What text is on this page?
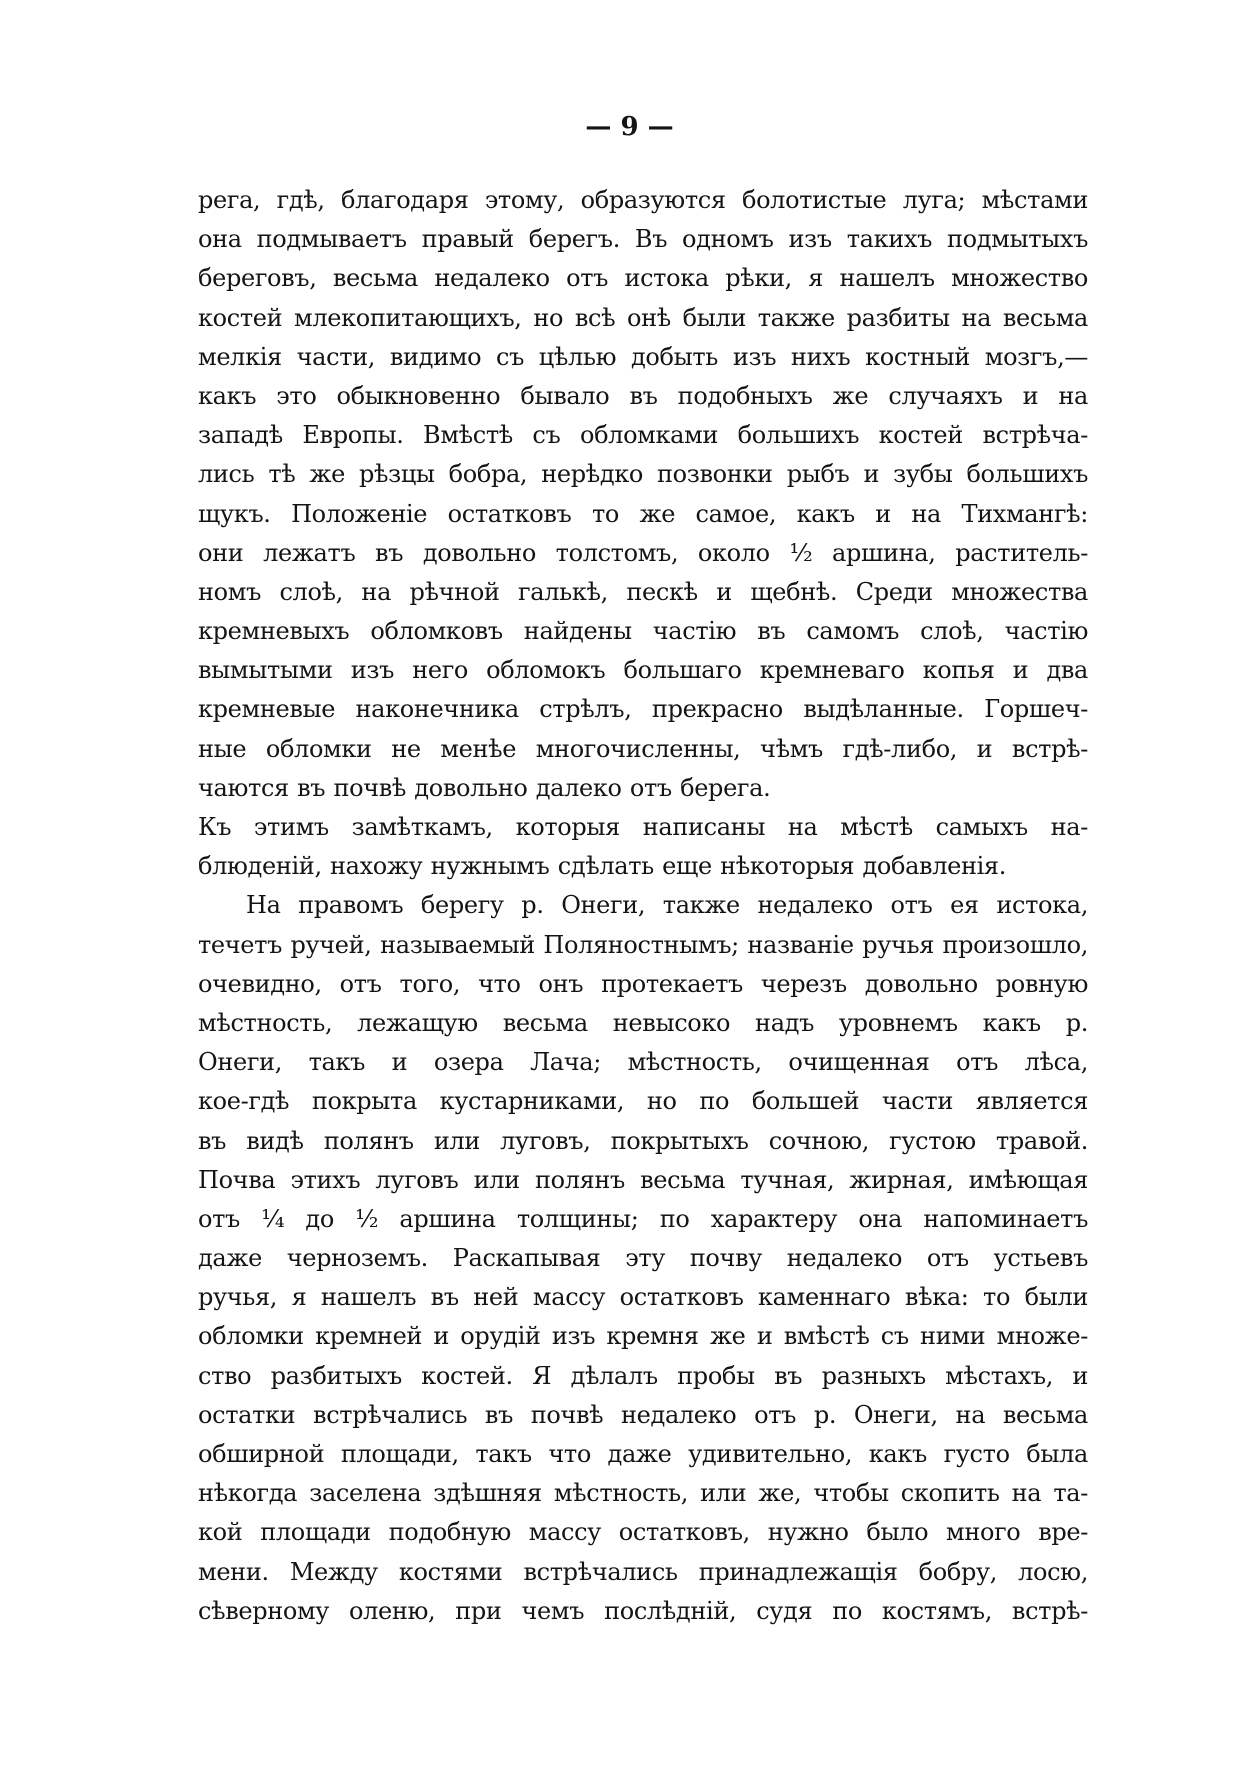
— 9 —
рега, гдѣ, благодаря этому, образуются болотистые луга; мѣстами
она подмываетъ правый берегъ. Въ одномъ изъ такихъ подмытыхъ
береговъ, весьма недалеко отъ истока рѣки, я нашелъ множество
костей млекопитающихъ, но всѣ онѣ были также разбиты на весьма
мелкія части, видимо съ цѣлью добыть изъ нихъ костный мозгъ,—
какъ это обыкновенно бывало въ подобныхъ же случаяхъ и на
западѣ Европы. Вмѣстѣ съ обломками большихъ костей встрѣча-
лись тѣ же рѣзцы бобра, нерѣдко позвонки рыбъ и зубы большихъ
щукъ. Положеніе остатковъ то же самое, какъ и на Тихмангѣ:
они лежатъ въ довольно толстомъ, около ½ аршина, раститель-
номъ слоѣ, на рѣчной галькѣ, пескѣ и щебнѣ. Среди множества
кремневыхъ обломковъ найдены частію въ самомъ слоѣ, частію
вымытыми изъ него обломокъ большаго кремневаго копья и два
кремневые наконечника стрѣлъ, прекрасно выдѣланные. Горшеч-
ные обломки не менѣе многочисленны, чѣмъ гдѣ-либо, и встрѣ-
чаются въ почвѣ довольно далеко отъ берега.
Къ этимъ замѣткамъ, которыя написаны на мѣстѣ самыхъ на-
блюденій, нахожу нужнымъ сдѣлать еще нѣкоторыя добавленія.
На правомъ берегу р. Онеги, также недалеко отъ ея истока,
течетъ ручей, называемый Поляностнымъ; названіе ручья произошло,
очевидно, отъ того, что онъ протекаетъ черезъ довольно ровную
мѣстность, лежащую весьма невысоко надъ уровнемъ какъ р.
Онеги, такъ и озера Лача; мѣстность, очищенная отъ лѣса,
кое-гдѣ покрыта кустарниками, но по большей части является
въ видѣ полянъ или луговъ, покрытыхъ сочною, густою травой.
Почва этихъ луговъ или полянъ весьма тучная, жирная, имѣющая
отъ ¼ до ½ аршина толщины; по характеру она напоминаетъ
даже черноземъ. Раскапывая эту почву недалеко отъ устьевъ
ручья, я нашелъ въ ней массу остатковъ каменнаго вѣка: то были
обломки кремней и орудій изъ кремня же и вмѣстѣ съ ними множе-
ство разбитыхъ костей. Я дѣлалъ пробы въ разныхъ мѣстахъ, и
остатки встрѣчались въ почвѣ недалеко отъ р. Онеги, на весьма
обширной площади, такъ что даже удивительно, какъ густо была
нѣкогда заселена здѣшняя мѣстность, или же, чтобы скопить на та-
кой площади подобную массу остатковъ, нужно было много вре-
мени. Между костями встрѣчались принадлежащія бобру, лосю,
сѣверному оленю, при чемъ послѣдній, судя по костямъ, встрѣ-
